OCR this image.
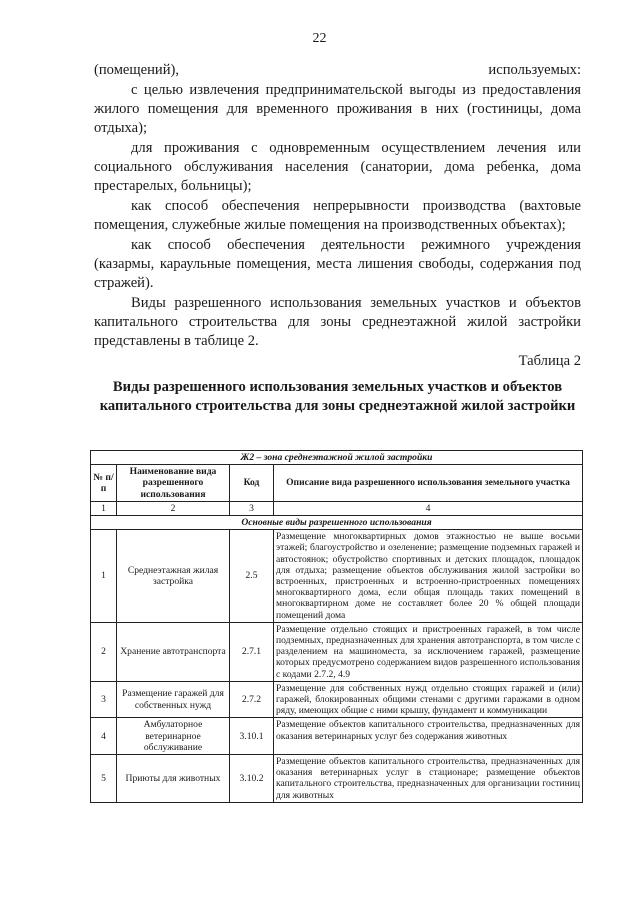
22

(помещений), используемых:

с целью извлечения предпринимательской выгоды из предоставления жилого помещения для временного проживания в них (гостиницы, дома отдыха);

для проживания с одновременным осуществлением лечения или социального обслуживания населения (санатории, дома ребенка, дома престарелых, больницы);

как способ обеспечения непрерывности производства (вахтовые помещения, служебные жилые помещения на производственных объектах);

как способ обеспечения деятельности режимного учреждения (казармы, караульные помещения, места лишения свободы, содержания под стражей).

Виды разрешенного использования земельных участков и объектов капитального строительства для зоны среднеэтажной жилой застройки представлены в таблице 2.

Таблица 2

Виды разрешенного использования земельных участков и объектов капитального строительства для зоны среднеэтажной жилой застройки
Ж2 – зона среднеэтажной жилой застройки			
№ п/п	Наименование вида разрешенного использования	Код	Описание вида разрешенного использования земельного участка
1	2	3	4
Основные виды разрешенного использования			
1	Среднеэтажная жилая застройка	2.5	Размещение многоквартирных домов этажностью не выше восьми этажей; благоустройство и озеленение; размещение подземных гаражей и автостоянок; обустройство спортивных и детских площадок, площадок для отдыха; размещение объектов обслуживания жилой застройки во встроенных, пристроенных и встроенно-пристроенных помещениях многоквартирного дома, если общая площадь таких помещений в многоквартирном доме не составляет более 20 % общей площади помещений дома
2	Хранение автотранспорта	2.7.1	Размещение отдельно стоящих и пристроенных гаражей, в том числе подземных, предназначенных для хранения автотранспорта, в том числе с разделением на машиноместа, за исключением гаражей, размещение которых предусмотрено содержанием видов разрешенного использования с кодами 2.7.2, 4.9
3	Размещение гаражей для собственных нужд	2.7.2	Размещение для собственных нужд отдельно стоящих гаражей и (или) гаражей, блокированных общими стенами с другими гаражами в одном ряду, имеющих общие с ними крышу, фундамент и коммуникации
4	Амбулаторное ветеринарное обслуживание	3.10.1	Размещение объектов капитального строительства, предназначенных для оказания ветеринарных услуг без содержания животных
5	Приюты для животных	3.10.2	Размещение объектов капитального строительства, предназначенных для оказания ветеринарных услуг в стационаре; размещение объектов капитального строительства, предназначенных для организации гостиниц для животных
